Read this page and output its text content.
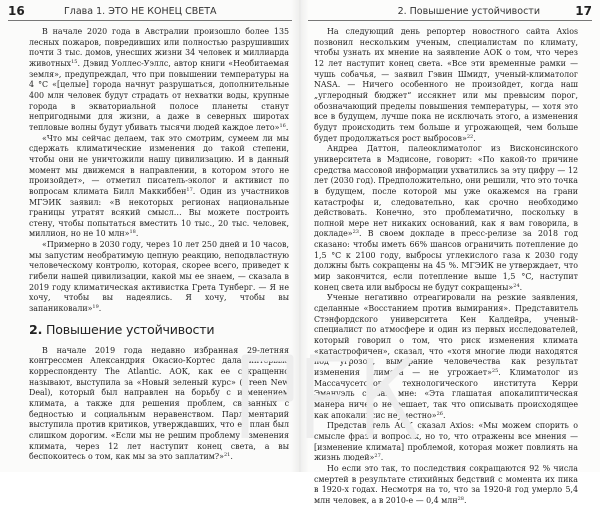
16	Глава 1. ЭТО НЕ КОНЕЦ СВЕТА

В начале 2020 года в Австралии произошло более 135 лесных пожаров, повредивших или полностью разрушивших почти 3 тыс. домов, унесших жизни 34 человек и миллиарда животных$^{15}$. Дэвид Уоллес-Уэллс, автор книги «Необитаемая земля», предупреждал, что при повышении температуры на 4 °C «[целые] города начнут разрушаться, дополнительные 400 млн человек будут страдать от нехватки воды, крупные города в экваториальной полосе планеты станут непригодными для жизни, а даже в северных широтах тепловые волны будут убивать тысячи людей каждое лето»$^{16}$.

«Что мы сейчас делаем, так это смотрим, сумеем ли мы сдержать климатические изменения до такой степени, чтобы они не уничтожили нашу цивилизацию. И в данный момент мы движемся в направлении, в котором этого не произойдет», — отметил писатель-эколог и активист по вопросам климата Билл Маккиббен$^{17}$. Один из участников МГЭИК заявил: «В некоторых регионах национальные границы утратят всякий смысл… Вы можете построить стену, чтобы попытаться вместить 10 тыс., 20 тыс. человек, миллион, но не 10 млн»$^{18}$.

«Примерно в 2030 году, через 10 лет 250 дней и 10 часов, мы запустим необратимую цепную реакцию, неподвластную человеческому контролю, которая, скорее всего, приведет к гибели нашей цивилизации, какой мы ее знаем, — сказала в 2019 году климатическая активистка Грета Тунберг. — Я не хочу, чтобы вы надеялись. Я хочу, чтобы вы запаниковали»$^{19}$.

2. Повышение устойчивости

В начале 2019 года недавно избранная 29-летняя конгрессмен Александрия Окасио-Кортес дала интервью корреспонденту The Atlantic. АОК, как ее сокращенно называют, выступила за «Новый зеленый курс» (Green New Deal), который был направлен на борьбу с изменением климата, а также для решения проблем, связанных с бедностью и социальным неравенством. Парламентарий выступила против критиков, утверждавших, что ее план был слишком дорогим. «Если мы не решим проблему изменения климата, через 12 лет наступит конец света, а вы беспокоитесь о том, как мы за это заплатим?»$^{21}$.

2. Повышение устойчивости	17

На следующий день репортер новостного сайта Axios позвонил нескольким ученым, специалистам по климату, чтобы узнать их мнение на заявление АОК о том, что через 12 лет наступит конец света. «Все эти временные рамки — чушь собачья, — заявил Гэвин Шмидт, ученый-климатолог NASA. — Ничего особенного не произойдет, когда наш „углеродный бюджет“ иссякнет или мы превысим порог, обозначающий пределы повышения температуры, — хотя это все в будущем, лучше пока не исключать этого, а изменения будут происходить тем больше и угрожающей, чем больше будет продолжаться рост выбросов»$^{22}$.

Андреа Даттон, палеоклиматолог из Висконсинского университета в Мэдисоне, говорит: «По какой-то причине средства массовой информации ухватились за эту цифру — 12 лет (2030 год). Предположительно, они решили, что это точка в будущем, после которой мы уже окажемся на грани катастрофы и, следовательно, как срочно необходимо действовать. Конечно, это проблематично, поскольку в полной мере нет никаких оснований, как я вам говорила, в докладе»$^{23}$. В своем докладе в пресс-релизе за 2018 год сказано: чтобы иметь 66% шансов ограничить потепление до 1,5 °C к 2100 году, выбросы углекислого газа к 2030 году должны быть сокращены на 45 %. МГЭИК не утверждает, что мир закончится, если потепление выше 1,5 °C, наступит конец света или выбросы не будут сокращены»$^{24}$.

Ученые негативно отреагировали на резкие заявления, сделанные «Восстанием против вымирания». Представитель Стэнфордского университета Кен Калдейра, ученый-специалист по атмосфере и один из первых исследователей, который говорил о том, что риск изменения климата «катастрофичен», сказал, что «хотя многие люди находятся под угрозой, вымирание человечества как результат изменения климата — не угрожает»$^{25}$. Климатолог из Массачусетского технологического института Керри Эмануэль сказал мне: «Эта глашатая апокалиптическая манера ничего не решает, так что описывать происходящее как апокалипсис неуместно»$^{26}$.

Представитель АОК сказал Axios: «Мы можем спорить о смысле фраз и вопросах, но то, что отражены все мнения — [изменение климата] проблемой, которая может повлиять на жизнь людей»$^{27}$.

Но если это так, то последствия сокращаются 92 % числа смертей в результате стихийных бедствий с момента их пика в 1920-х годах. Несмотря на то, что за 1920-й год умерло 5,4 млн человек, а в 2010-е — 0,4 млн$^{28}$.
